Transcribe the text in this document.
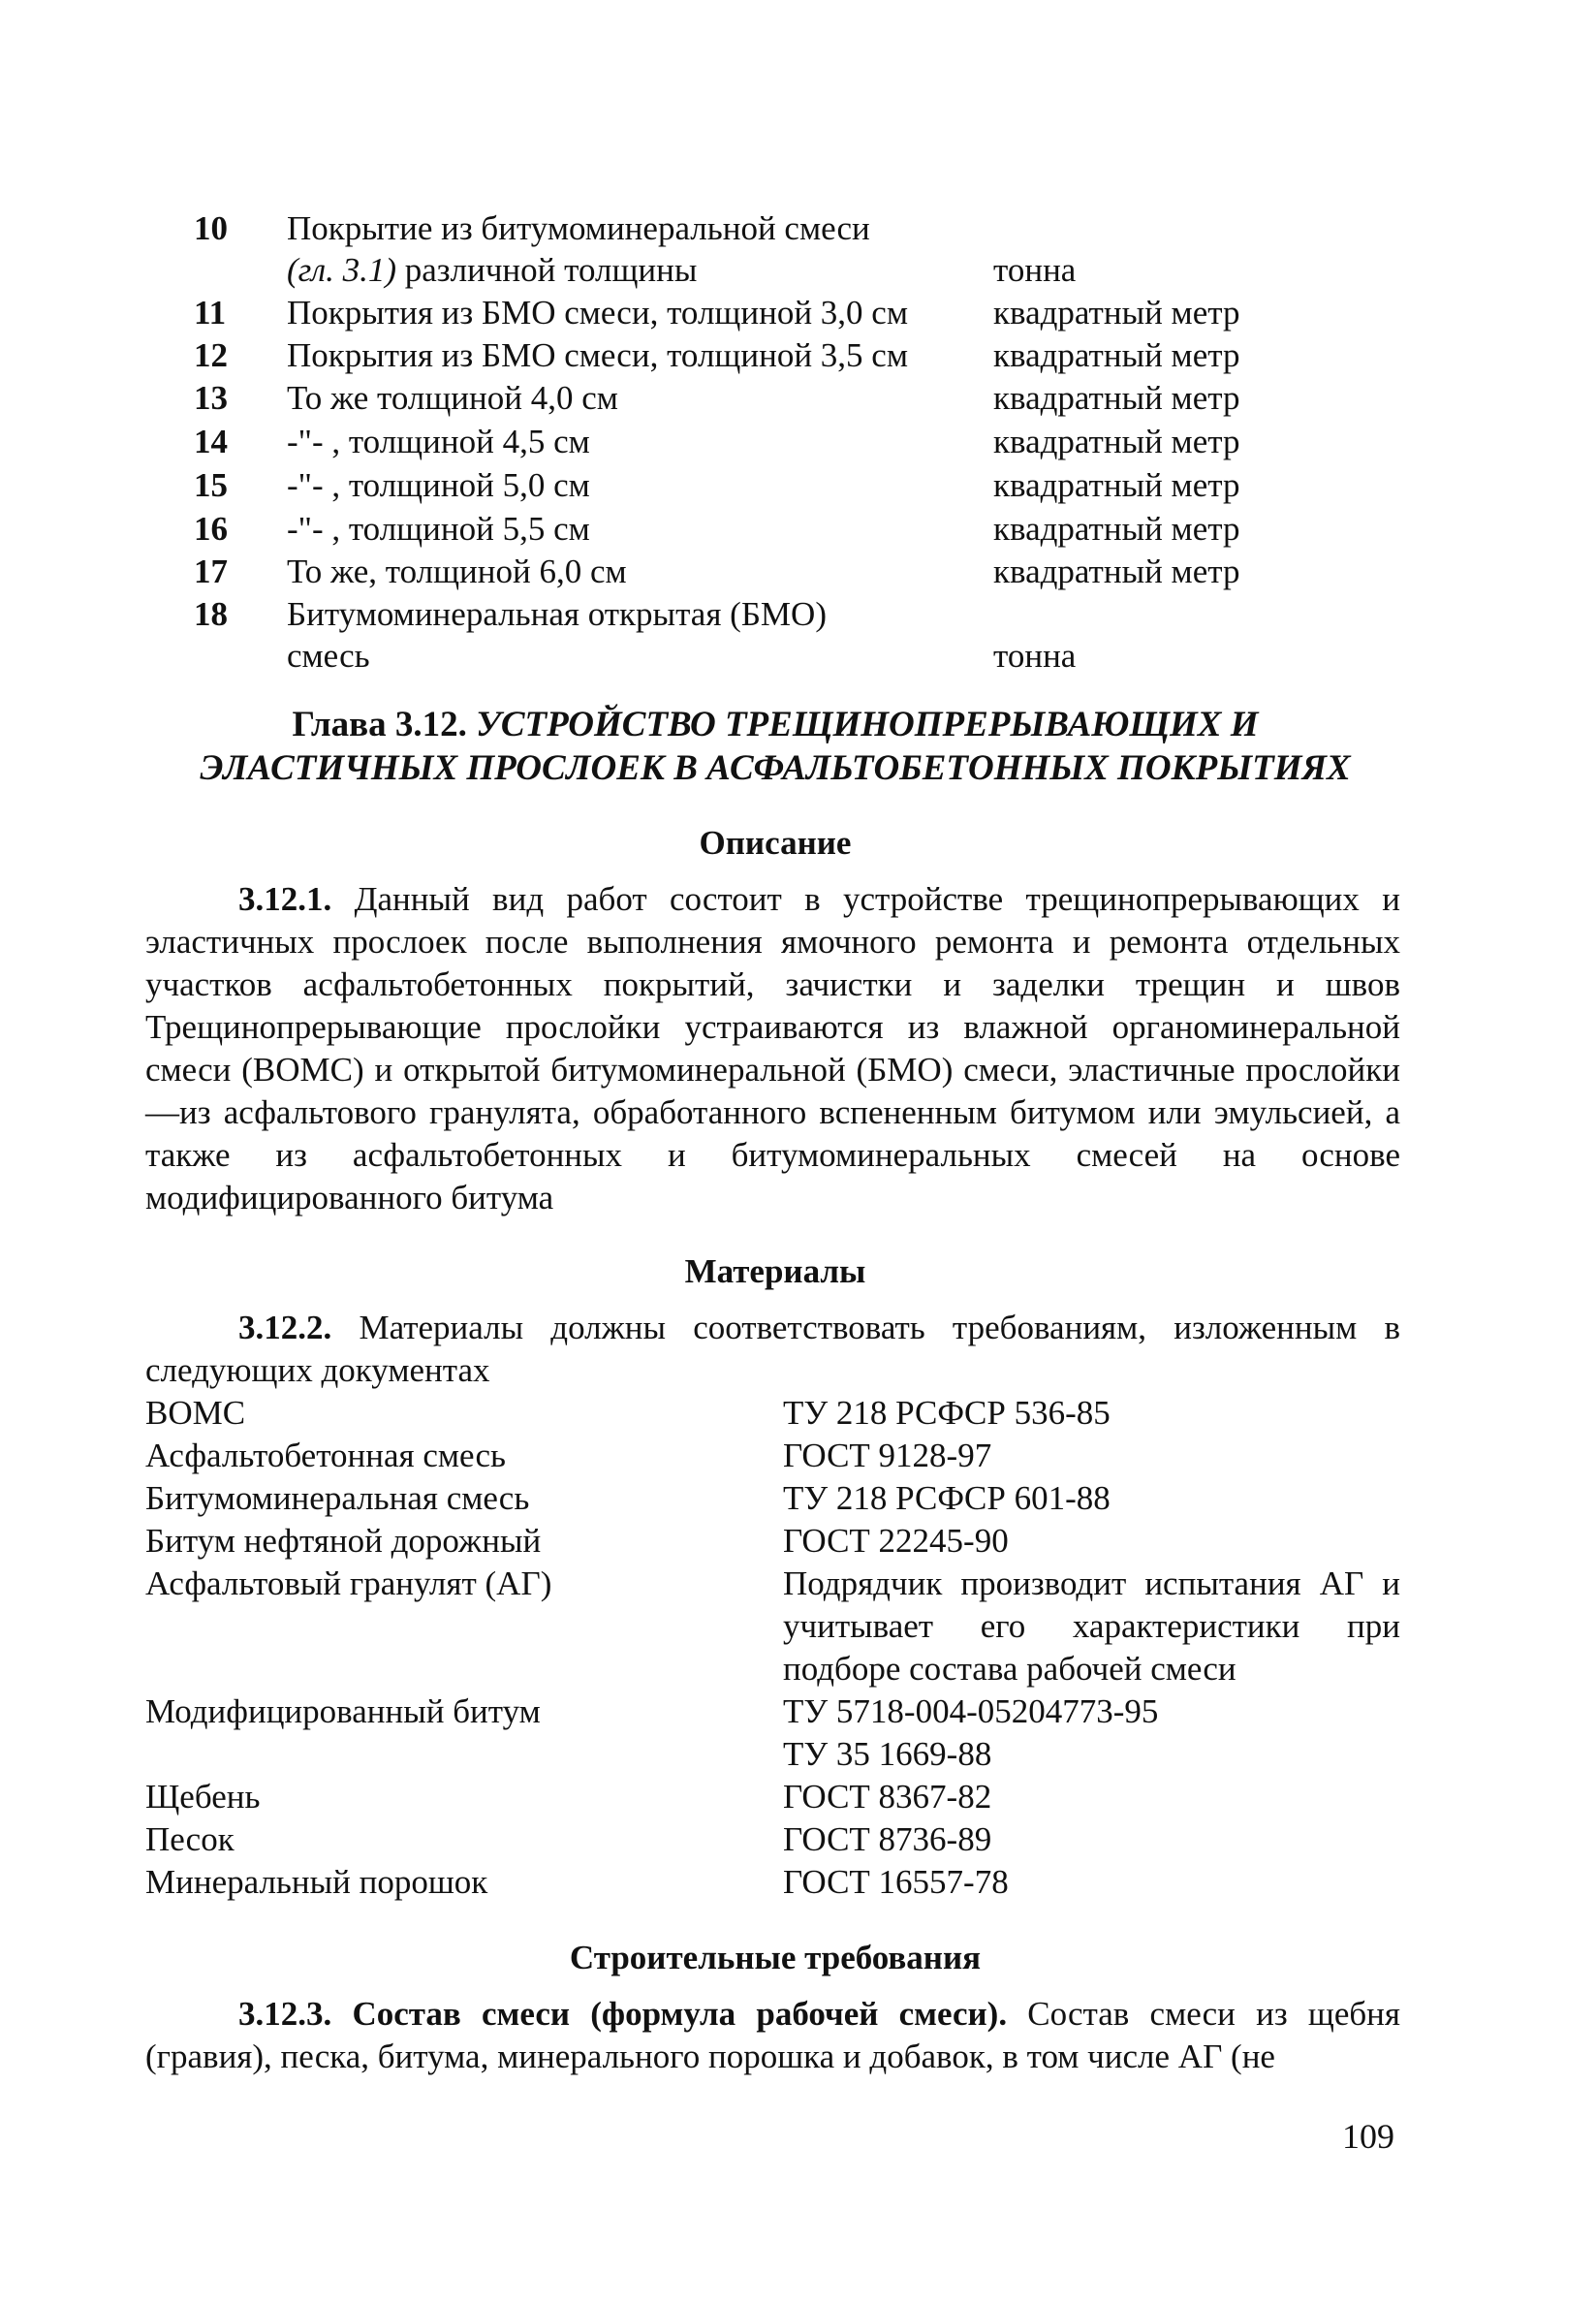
10 Покрытие из битумоминеральной смеси
(гл. 3.1) различной толщины	тонна
11 Покрытия из БМО смеси, толщиной 3,0 см	квадратный метр
12 Покрытия из БМО смеси, толщиной 3,5 см	квадратный метр
13 То же толщиной 4,0 см	квадратный метр
14 -"- , толщиной 4,5 см	квадратный метр
15 -"- , толщиной 5,0 см	квадратный метр
16 -"- , толщиной 5,5 см	квадратный метр
17 То же, толщиной 6,0 см	квадратный метр
18 Битумоминеральная открытая (БМО)
смесь	тонна
Глава 3.12. УСТРОЙСТВО ТРЕЩИНОПРЕРЫВАЮЩИХ И
ЭЛАСТИЧНЫХ ПРОСЛОЕК В АСФАЛЬТОБЕТОННЫХ ПОКРЫТИЯХ
Описание
3.12.1. Данный вид работ состоит в устройстве трещинопрерывающих и эластичных прослоек после выполнения ямочного ремонта и ремонта отдельных участков асфальтобетонных покрытий, зачистки и заделки трещин и швов Трещинопрерывающие прослойки устраиваются из влажной органоминеральной смеси (ВОМС) и открытой битумоминеральной (БМО) смеси, эластичные прослойки —из асфальтового гранулята, обработанного вспененным битумом или эмульсией, а также из асфальтобетонных и битумоминеральных смесей на основе модифицированного битума
Материалы
3.12.2. Материалы должны соответствовать требованиям, изложенным в следующих документах
ВОМС	ТУ 218 РСФСР 536-85
Асфальтобетонная смесь	ГОСТ 9128-97
Битумоминеральная смесь	ТУ 218 РСФСР 601-88
Битум нефтяной дорожный	ГОСТ 22245-90
Асфальтовый гранулят (АГ)	Подрядчик производит испытания АГ и учитывает его характеристики при подборе состава рабочей смеси
Модифицированный битум	ТУ 5718-004-05204773-95
ТУ 35 1669-88
Щебень	ГОСТ 8367-82
Песок	ГОСТ 8736-89
Минеральный порошок	ГОСТ 16557-78
Строительные требования
3.12.3. Состав смеси (формула рабочей смеси). Состав смеси из щебня (гравия), песка, битума, минерального порошка и добавок, в том числе АГ (не
109
